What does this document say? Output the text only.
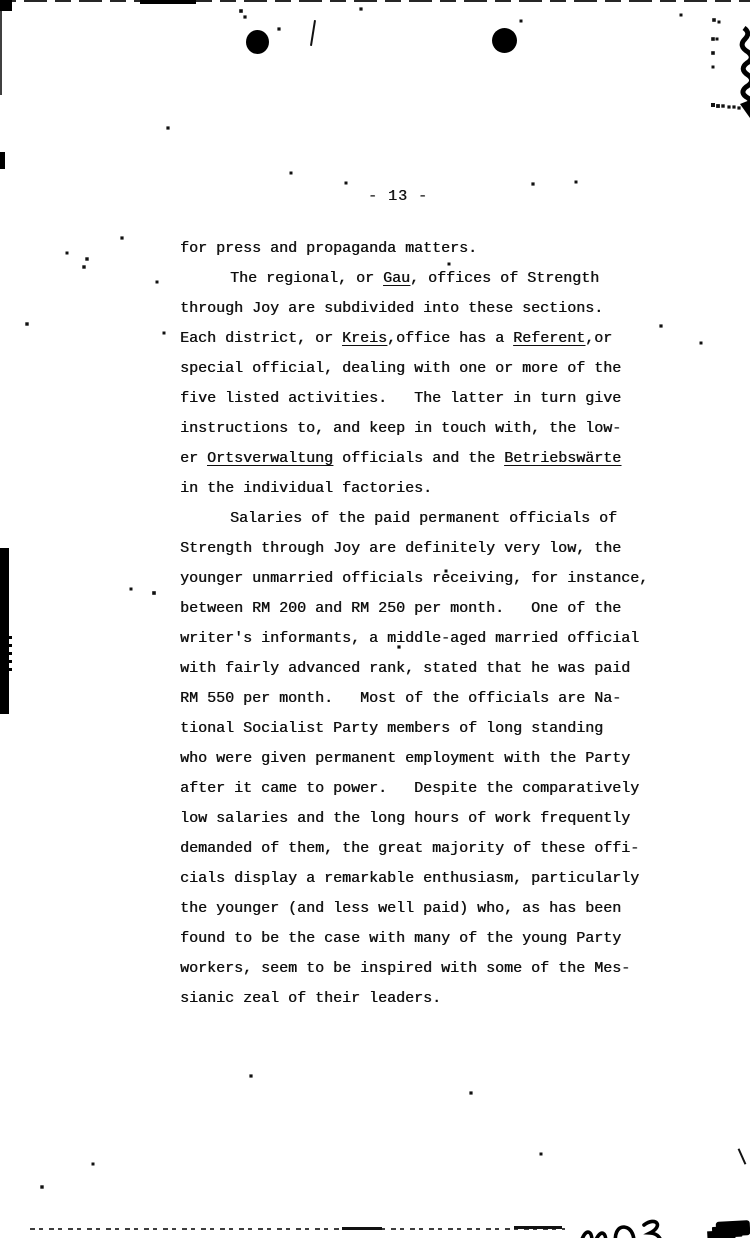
- 13 -
for press and propaganda matters.
The regional, or Gau, offices of Strength
through Joy are subdivided into these sections.
Each district, or Kreis,office has a Referent,or
special official, dealing with one or more of the
five listed activities.   The latter in turn give
instructions to, and keep in touch with, the low-
er Ortsverwaltung officials and the Betriebswärte
in the individual factories.
Salaries of the paid permanent officials of
Strength through Joy are definitely very low, the
younger unmarried officials receiving, for instance,
between RM 200 and RM 250 per month.   One of the
writer's informants, a middle-aged married official
with fairly advanced rank, stated that he was paid
RM 550 per month.   Most of the officials are Na-
tional Socialist Party members of long standing
who were given permanent employment with the Party
after it came to power.   Despite the comparatively
low salaries and the long hours of work frequently
demanded of them, the great majority of these offi-
cials display a remarkable enthusiasm, particularly
the younger (and less well paid) who, as has been
found to be the case with many of the young Party
workers, seem to be inspired with some of the Mes-
sianic zeal of their leaders.
